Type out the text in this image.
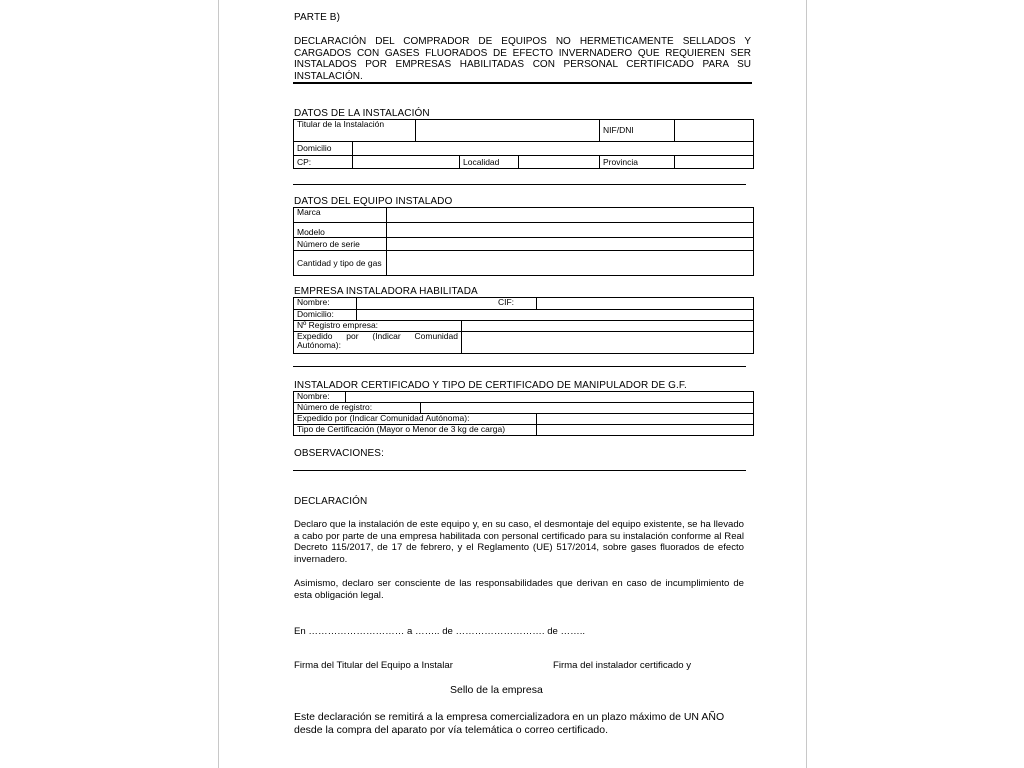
PARTE B)
DECLARACIÓN DEL COMPRADOR DE EQUIPOS NO HERMETICAMENTE SELLADOS Y CARGADOS CON GASES FLUORADOS DE EFECTO INVERNADERO QUE REQUIEREN SER INSTALADOS POR EMPRESAS HABILITADAS CON PERSONAL CERTIFICADO PARA SU INSTALACIÓN.
DATOS DE LA INSTALACIÓN
Titular de la Instalación					NIF/DNI	
Domicilio						
CP:			Localidad		Provincia	
DATOS DEL EQUIPO INSTALADO
Marca	
Modelo	
Número de serie	
Cantidad y tipo de gas	
EMPRESA INSTALADORA HABILITADA
Nombre:	CIF:		
Domicilio:			
Nº Registro empresa:			
Expedido por (Indicar Comunidad Autónoma):			
INSTALADOR CERTIFICADO Y TIPO DE CERTIFICADO DE MANIPULADOR DE G.F.
Nombre:			
Número de registro:			
Expedido por (Indicar Comunidad Autónoma):			
Tipo de Certificación (Mayor o Menor de 3 kg de carga)			
OBSERVACIONES:
DECLARACIÓN
Declaro que la instalación de este equipo y, en su caso, el desmontaje del equipo existente, se ha llevado a cabo por parte de una empresa habilitada con personal certificado para su instalación conforme al Real Decreto 115/2017, de 17 de febrero, y el Reglamento (UE) 517/2014, sobre gases fluorados de efecto invernadero.
Asimismo, declaro ser consciente de las responsabilidades que derivan en caso de incumplimiento de esta obligación legal.
En ………………………… a …….. de ………………………. de ……..
Firma del Titular del Equipo a Instalar	Firma del instalador certificado y
Sello de la empresa
Este declaración se remitirá a la empresa comercializadora en un plazo máximo de UN AÑO desde la compra del aparato por vía telemática o correo certificado.
